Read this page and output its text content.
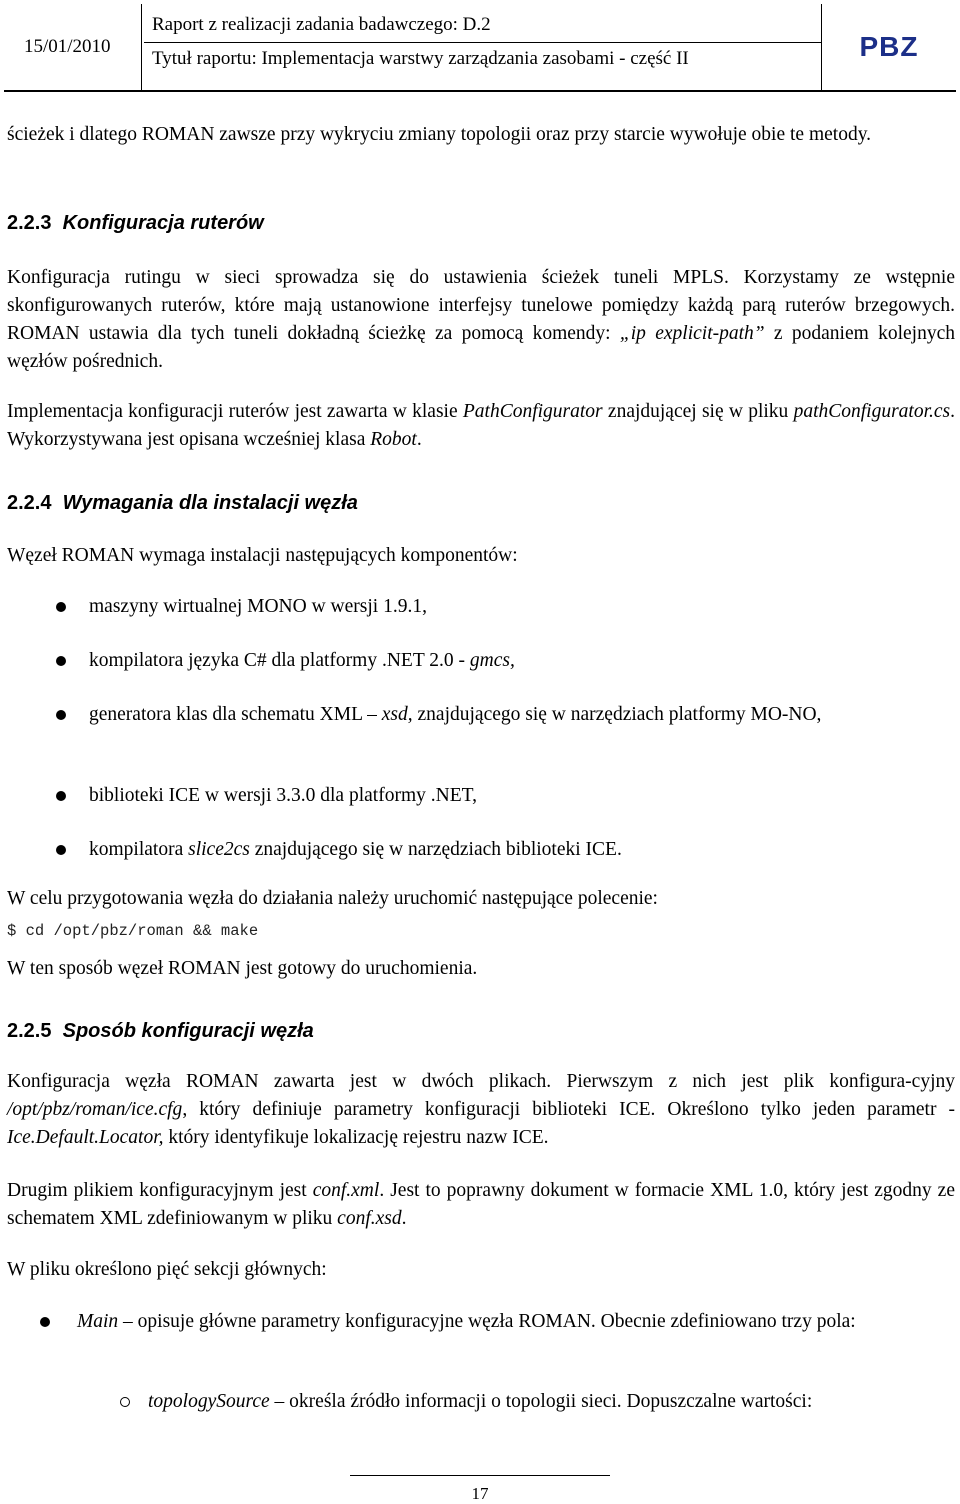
15/01/2010
Raport z realizacji zadania badawczego: D.2
Tytuł raportu: Implementacja warstwy zarządzania zasobami - część II	PBZ
ścieżek i dlatego ROMAN zawsze przy wykryciu zmiany topologii oraz przy starcie wywołuje obie te metody.
2.2.3 Konfiguracja ruterów
Konfiguracja rutingu w sieci sprowadza się do ustawienia ścieżek tuneli MPLS. Korzystamy ze wstępnie skonfigurowanych ruterów, które mają ustanowione interfejsy tunelowe pomiędzy każdą parą ruterów brzegowych. ROMAN ustawia dla tych tuneli dokładną ścieżkę za pomocą komendy: „ip explicit-path” z podaniem kolejnych węzłów pośrednich.
Implementacja konfiguracji ruterów jest zawarta w klasie PathConfigurator znajdującej się w pliku pathConfigurator.cs. Wykorzystywana jest opisana wcześniej klasa Robot.
2.2.4 Wymagania dla instalacji węzła
Węzeł ROMAN wymaga instalacji następujących komponentów:
maszyny wirtualnej MONO w wersji 1.9.1,
kompilatora języka C# dla platformy .NET 2.0 - gmcs,
generatora klas dla schematu XML – xsd, znajdującego się w narzędziach platformy MO-NO,
biblioteki ICE w wersji 3.3.0 dla platformy .NET,
kompilatora slice2cs znajdującego się w narzędziach biblioteki ICE.
W celu przygotowania węzła do działania należy uruchomić następujące polecenie:
$ cd /opt/pbz/roman && make
W ten sposób węzeł ROMAN jest gotowy do uruchomienia.
2.2.5 Sposób konfiguracji węzła
Konfiguracja węzła ROMAN zawarta jest w dwóch plikach. Pierwszym z nich jest plik konfigura-cyjny /opt/pbz/roman/ice.cfg, który definiuje parametry konfiguracji biblioteki ICE. Określono tylko jeden parametr - Ice.Default.Locator, który identyfikuje lokalizację rejestru nazw ICE.
Drugim plikiem konfiguracyjnym jest conf.xml. Jest to poprawny dokument w formacie XML 1.0, który jest zgodny ze schematem XML zdefiniowanym w pliku conf.xsd.
W pliku określono pięć sekcji głównych:
Main – opisuje główne parametry konfiguracyjne węzła ROMAN. Obecnie zdefiniowano trzy pola:
topologySource – określa źródło informacji o topologii sieci. Dopuszczalne wartości:
17
